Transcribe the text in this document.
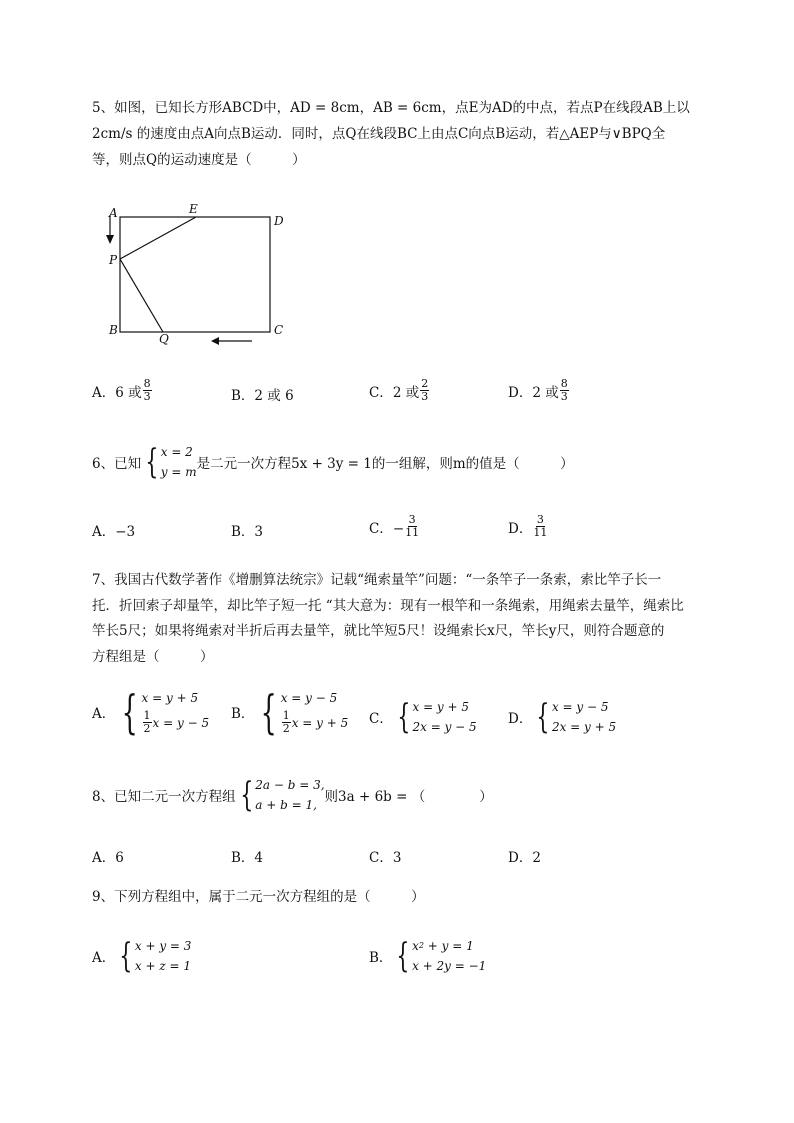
5、如图，已知长方形ABCD中，AD = 8cm，AB = 6cm，点E为AD的中点，若点P在线段AB上以
2cm/s 的速度由点A向点B运动．同时，点Q在线段BC上由点C向点B运动，若△AEP与∨BPQ全
等，则点Q的运动速度是（　　　）
A	E
D
P
B
Q
C
A．6 或 $\frac{8}{3}$	B．2 或 6	C．2 或 $\frac{2}{3}$	D．2 或 $\frac{8}{3}$
6、已知 { x = 2
y = m 是二元一次方程5x + 3y = 1的一组解，则m的值是（　　　）
A．−3	B．3	C．− $\frac{3}{11}$	D． $\frac{3}{11}$
7、我国古代数学著作《增删算法统宗》记载“绳索量竿”问题：“一条竿子一条索，索比竿子长一
托．折回索子却量竿，却比竿子短一托 “其大意为：现有一根竿和一条绳索，用绳索去量竿，绳索比
竿长5尺；如果将绳索对半折后再去量竿，就比竿短5尺！设绳索长x尺，竿长y尺，则符合题意的
方程组是（　　　）
A． { x = y + 5
$\frac{1}{2}$ x = y − 5
B． { x = y − 5
$\frac{1}{2}$ x = y + 5 C． { x = y + 5
2x = y − 5 D． { x = y − 5
2x = y + 5
8、已知二元一次方程组 { 2a − b = 3,
a + b = 1, 则3a + 6b = （　　　　）
A．6	B．4	C．3	D．2
9、下列方程组中，属于二元一次方程组的是（　　　）
A． { x + y = 3
x + z = 1	B． { x 2 + y = 1
x + 2y = −1
